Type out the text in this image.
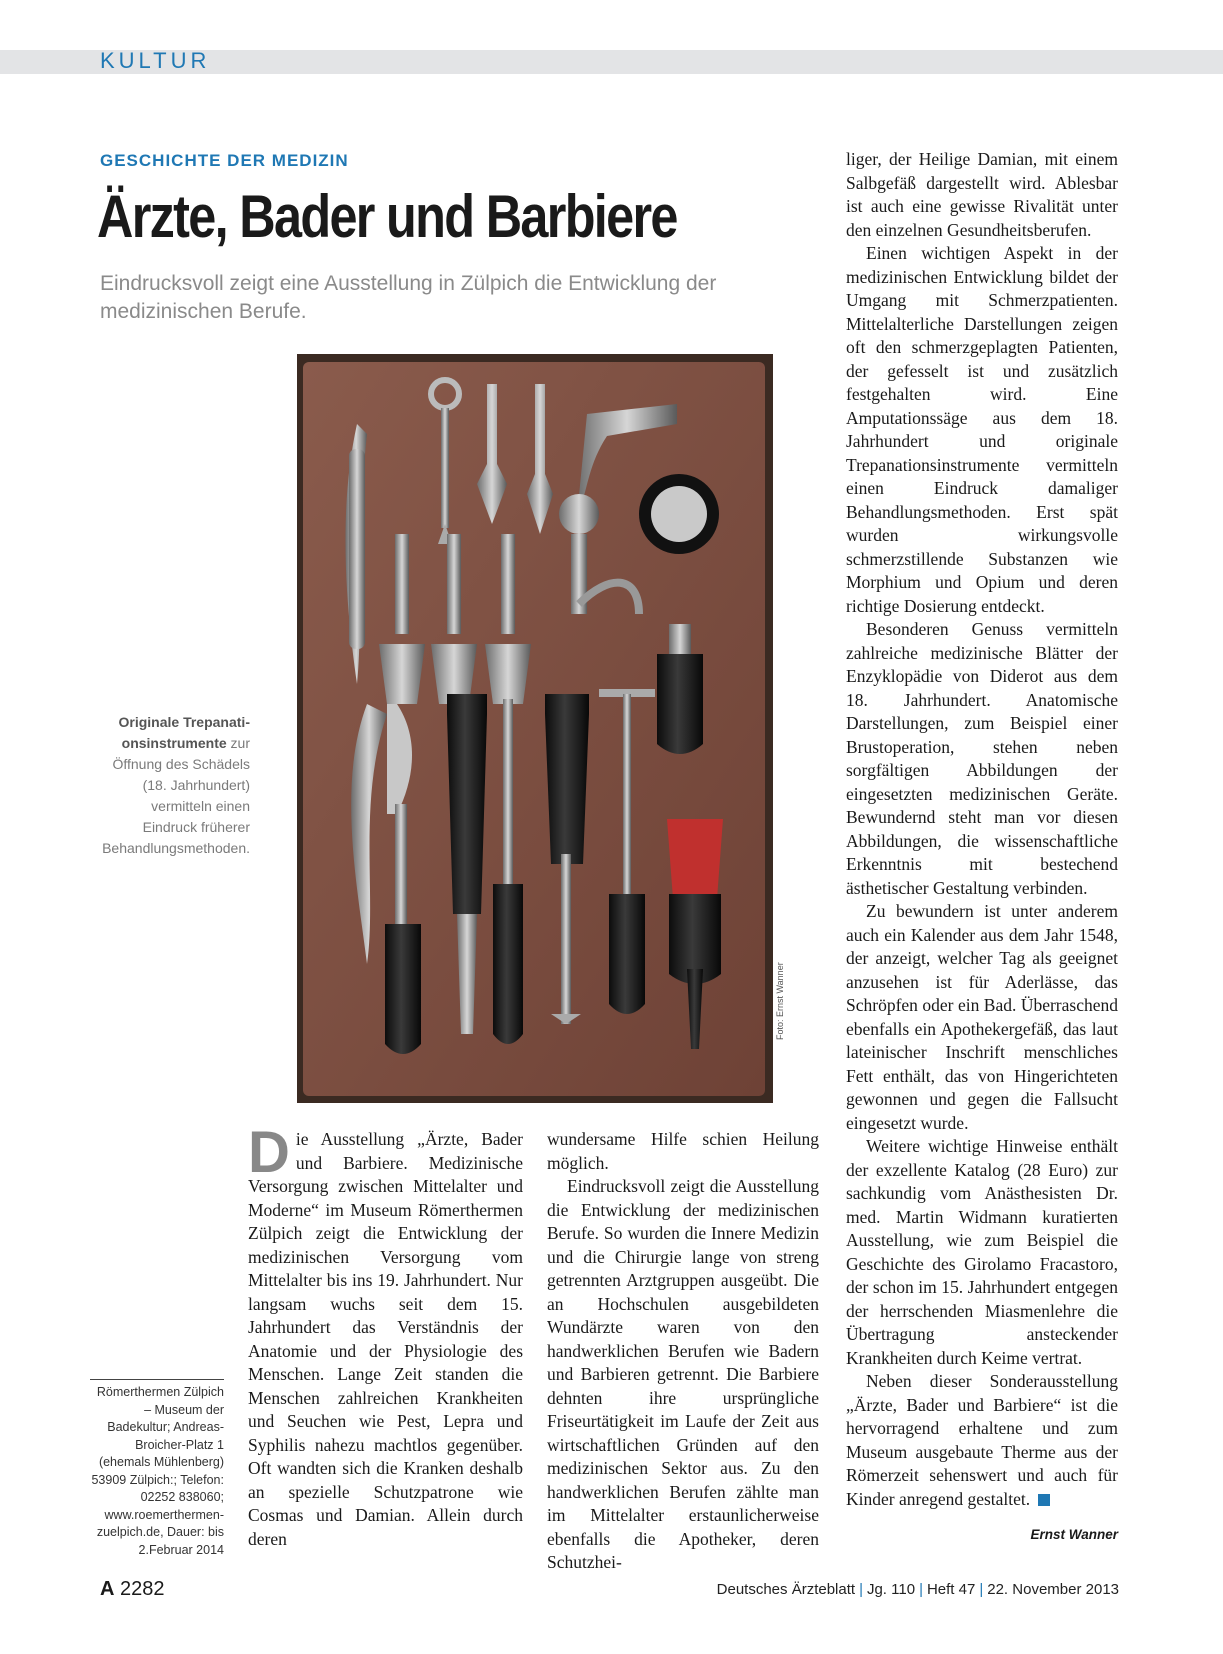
KULTUR
GESCHICHTE DER MEDIZIN
Ärzte, Bader und Barbiere
Eindrucksvoll zeigt eine Ausstellung in Zülpich die Entwicklung der medizinischen Berufe.
Foto: Ernst Wanner
Originale Trepanationsinstrumente zur Öffnung des Schädels (18. Jahrhundert) vermitteln einen Eindruck früherer Behandlungsmethoden.
Römerthermen Zülpich – Museum der Badekultur; Andreas-Broicher-Platz 1 (ehemals Mühlenberg) 53909 Zülpich:; Telefon: 02252 838060; www.roemerthermen-zuelpich.de, Dauer: bis 2.Februar 2014

Die Ausstellung „Ärzte, Bader und Barbiere. Medizinische Versorgung zwischen Mittelalter und Moderne“ im Museum Römerthermen Zülpich zeigt die Entwicklung der medizinischen Versorgung vom Mittelalter bis ins 19. Jahrhundert. Nur langsam wuchs seit dem 15. Jahrhundert das Verständnis der Anatomie und der Physiologie des Menschen. Lange Zeit standen die Menschen zahlreichen Krankheiten und Seuchen wie Pest, Lepra und Syphilis nahezu machtlos gegenüber. Oft wandten sich die Kranken deshalb an spezielle Schutzpatrone wie Cosmas und Damian. Allein durch deren

wundersame Hilfe schien Heilung möglich.

Eindrucksvoll zeigt die Ausstellung die Entwicklung der medizinischen Berufe. So wurden die Innere Medizin und die Chirurgie lange von streng getrennten Arztgruppen ausgeübt. Die an Hochschulen ausgebildeten Wundärzte waren von den handwerklichen Berufen wie Badern und Barbieren getrennt. Die Barbiere dehnten ihre ursprüngliche Friseurtätigkeit im Laufe der Zeit aus wirtschaftlichen Gründen auf den medizinischen Sektor aus. Zu den handwerklichen Berufen zählte man im Mittelalter erstaunlicherweise ebenfalls die Apotheker, deren Schutzhei-

liger, der Heilige Damian, mit einem Salbgefäß dargestellt wird. Ablesbar ist auch eine gewisse Rivalität unter den einzelnen Gesundheitsberufen.

Einen wichtigen Aspekt in der medizinischen Entwicklung bildet der Umgang mit Schmerzpatienten. Mittelalterliche Darstellungen zeigen oft den schmerzgeplagten Patienten, der gefesselt ist und zusätzlich festgehalten wird. Eine Amputationssäge aus dem 18. Jahrhundert und originale Trepanationsinstrumente vermitteln einen Eindruck damaliger Behandlungsmethoden. Erst spät wurden wirkungsvolle schmerzstillende Substanzen wie Morphium und Opium und deren richtige Dosierung entdeckt.

Besonderen Genuss vermitteln zahlreiche medizinische Blätter der Enzyklopädie von Diderot aus dem 18. Jahrhundert. Anatomische Darstellungen, zum Beispiel einer Brustoperation, stehen neben sorgfältigen Abbildungen der eingesetzten medizinischen Geräte. Bewundernd steht man vor diesen Abbildungen, die wissenschaftliche Erkenntnis mit bestechend ästhetischer Gestaltung verbinden.

Zu bewundern ist unter anderem auch ein Kalender aus dem Jahr 1548, der anzeigt, welcher Tag als geeignet anzusehen ist für Aderlässe, das Schröpfen oder ein Bad. Überraschend ebenfalls ein Apothekergefäß, das laut lateinischer Inschrift menschliches Fett enthält, das von Hingerichteten gewonnen und gegen die Fallsucht eingesetzt wurde.

Weitere wichtige Hinweise enthält der exzellente Katalog (28 Euro) zur sachkundig vom Anästhesisten Dr. med. Martin Widmann kuratierten Ausstellung, wie zum Beispiel die Geschichte des Girolamo Fracastoro, der schon im 15. Jahrhundert entgegen der herrschenden Miasmenlehre die Übertragung ansteckender Krankheiten durch Keime vertrat.

Neben dieser Sonderausstellung „Ärzte, Bader und Barbiere“ ist die hervorragend erhaltene und zum Museum ausgebaute Therme aus der Römerzeit sehenswert und auch für Kinder anregend gestaltet.

Ernst Wanner
A 2282	Deutsches Ärzteblatt | Jg. 110 | Heft 47 | 22. November 2013
